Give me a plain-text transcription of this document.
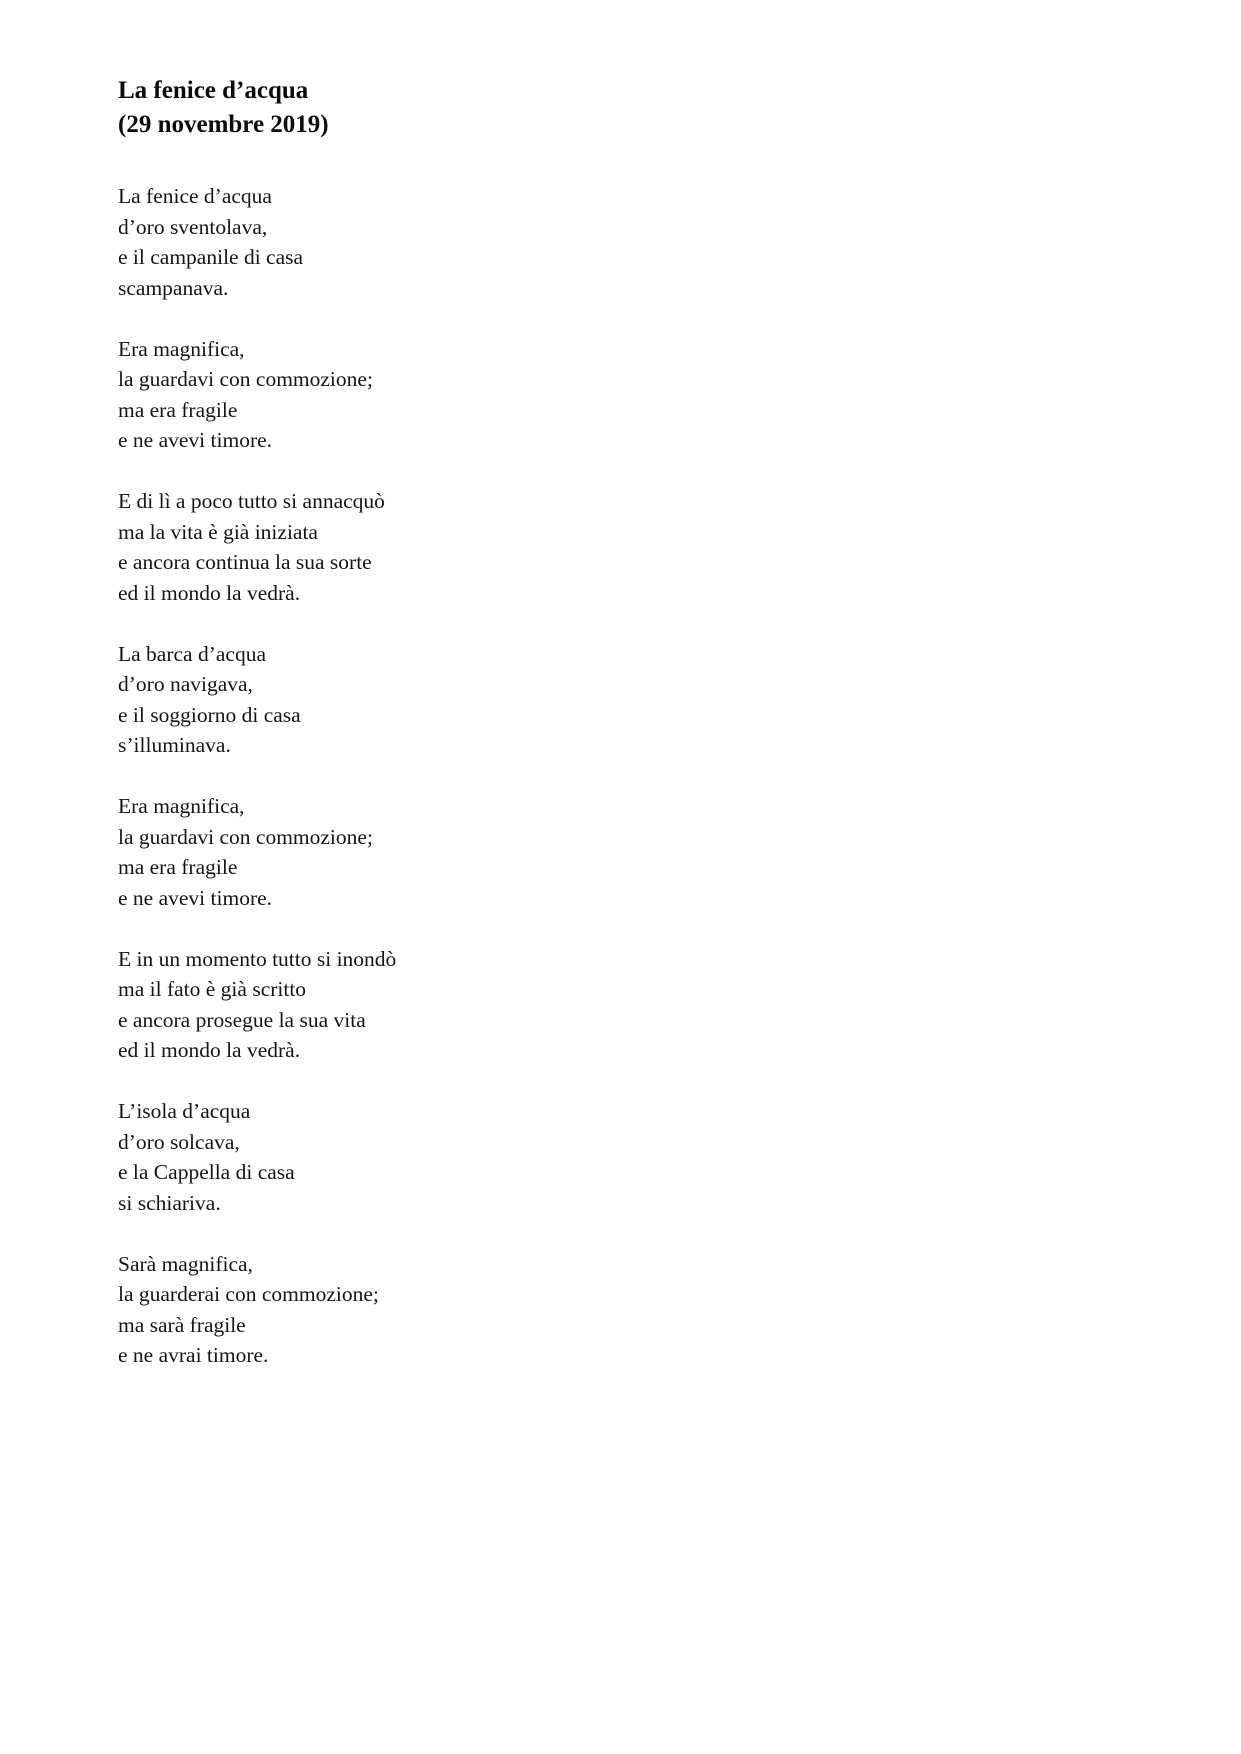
La fenice d’acqua

(29 novembre 2019)

La fenice d’acqua
d’oro sventolava,
e il campanile di casa
scampanava.
Era magnifica,
la guardavi con commozione;
ma era fragile
e ne avevi timore.
E di lì a poco tutto si annacquò
ma la vita è già iniziata
e ancora continua la sua sorte
ed il mondo la vedrà.
La barca d’acqua
d’oro navigava,
e il soggiorno di casa
s’illuminava.
Era magnifica,
la guardavi con commozione;
ma era fragile
e ne avevi timore.
E in un momento tutto si inondò
ma il fato è già scritto
e ancora prosegue la sua vita
ed il mondo la vedrà.
L’isola d’acqua
d’oro solcava,
e la Cappella di casa
si schiariva.
Sarà magnifica,
la guarderai con commozione;
ma sarà fragile
e ne avrai timore.
